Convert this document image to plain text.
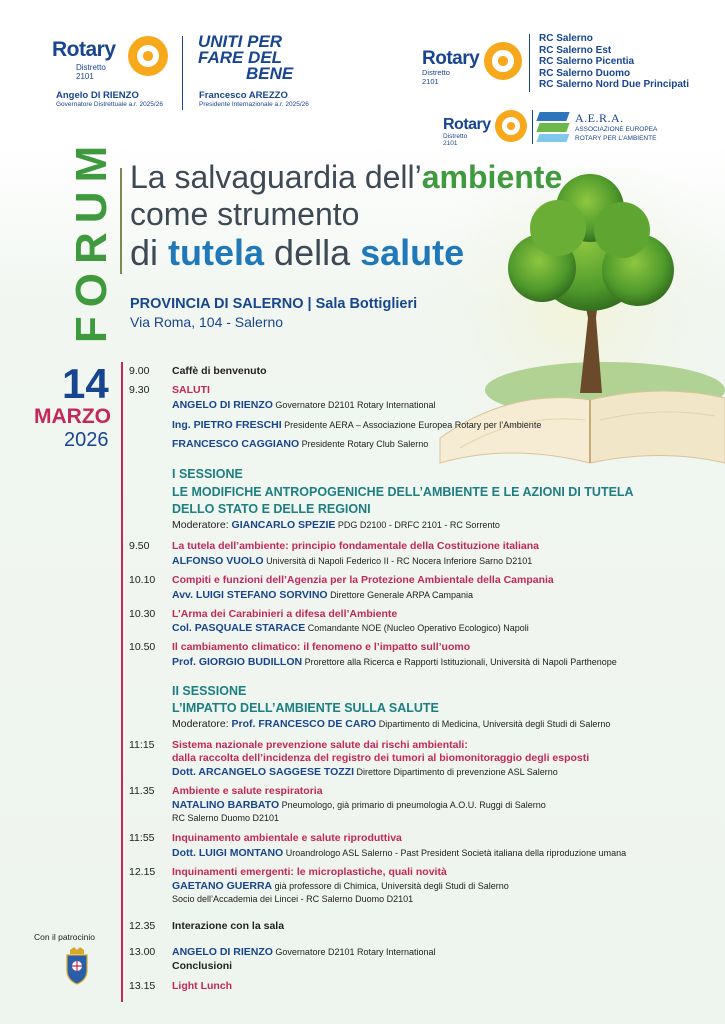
Rotary
Distretto 2101
Angelo DI RIENZO
Governatore Distrettuale a.r. 2025/26
UNITI PER
FARE DEL
BENE
Francesco AREZZO
Presidente Internazionale a.r. 2025/26
Rotary
Distretto 2101
RC Salerno
RC Salerno Est
RC Salerno Picentia
RC Salerno Duomo
RC Salerno Nord Due Principati
Rotary
Distretto 2101
A.E.R.A.
ASSOCIAZIONE EUROPEA
ROTARY PER L'AMBIENTE
FORUM La salvaguardia dell’ambiente
come strumento
di tutela della salute
PROVINCIA DI SALERNO | Sala Bottiglieri
Via Roma, 104 - Salerno
14
MARZO
2026
9.00 Caffè di benvenuto
9.30 SALUTI
ANGELO DI RIENZO Governatore D2101 Rotary International
Ing. PIETRO FRESCHI Presidente AERA – Associazione Europea Rotary per l’Ambiente
FRANCESCO CAGGIANO Presidente Rotary Club Salerno
I SESSIONE
LE MODIFICHE ANTROPOGENICHE DELL’AMBIENTE E LE AZIONI DI TUTELA
DELLO STATO E DELLE REGIONI
Moderatore: GIANCARLO SPEZIE PDG D2100 - DRFC 2101 - RC Sorrento
9.50 La tutela dell’ambiente: principio fondamentale della Costituzione italiana
ALFONSO VUOLO Università di Napoli Federico II - RC Nocera Inferiore Sarno D2101
10.10 Compiti e funzioni dell’Agenzia per la Protezione Ambientale della Campania
Avv. LUIGI STEFANO SORVINO Direttore Generale ARPA Campania
10.30 L’Arma dei Carabinieri a difesa dell’Ambiente
Col. PASQUALE STARACE Comandante NOE (Nucleo Operativo Ecologico) Napoli
10.50 Il cambiamento climatico: il fenomeno e l’impatto sull’uomo
Prof. GIORGIO BUDILLON Prorettore alla Ricerca e Rapporti Istituzionali, Università di Napoli Parthenope
II SESSIONE
L’IMPATTO DELL’AMBIENTE SULLA SALUTE
Moderatore: Prof. FRANCESCO DE CARO Dipartimento di Medicina, Università degli Studi di Salerno
11:15 Sistema nazionale prevenzione salute dai rischi ambientali:
dalla raccolta dell’incidenza del registro dei tumori al biomonitoraggio degli esposti
Dott. ARCANGELO SAGGESE TOZZI Direttore Dipartimento di prevenzione ASL Salerno
11.35 Ambiente e salute respiratoria
NATALINO BARBATO Pneumologo, già primario di pneumologia A.O.U. Ruggi di Salerno
RC Salerno Duomo D2101
11:55 Inquinamento ambientale e salute riproduttiva
Dott. LUIGI MONTANO Uroandrologo ASL Salerno - Past President Società italiana della riproduzione umana
12.15 Inquinamenti emergenti: le microplastiche, quali novità
GAETANO GUERRA già professore di Chimica, Università degli Studi di Salerno
Socio dell’Accademia dei Lincei - RC Salerno Duomo D2101
12.35 Interazione con la sala
13.00 ANGELO DI RIENZO Governatore D2101 Rotary International
Conclusioni
13.15 Light Lunch
Con il patrocinio
